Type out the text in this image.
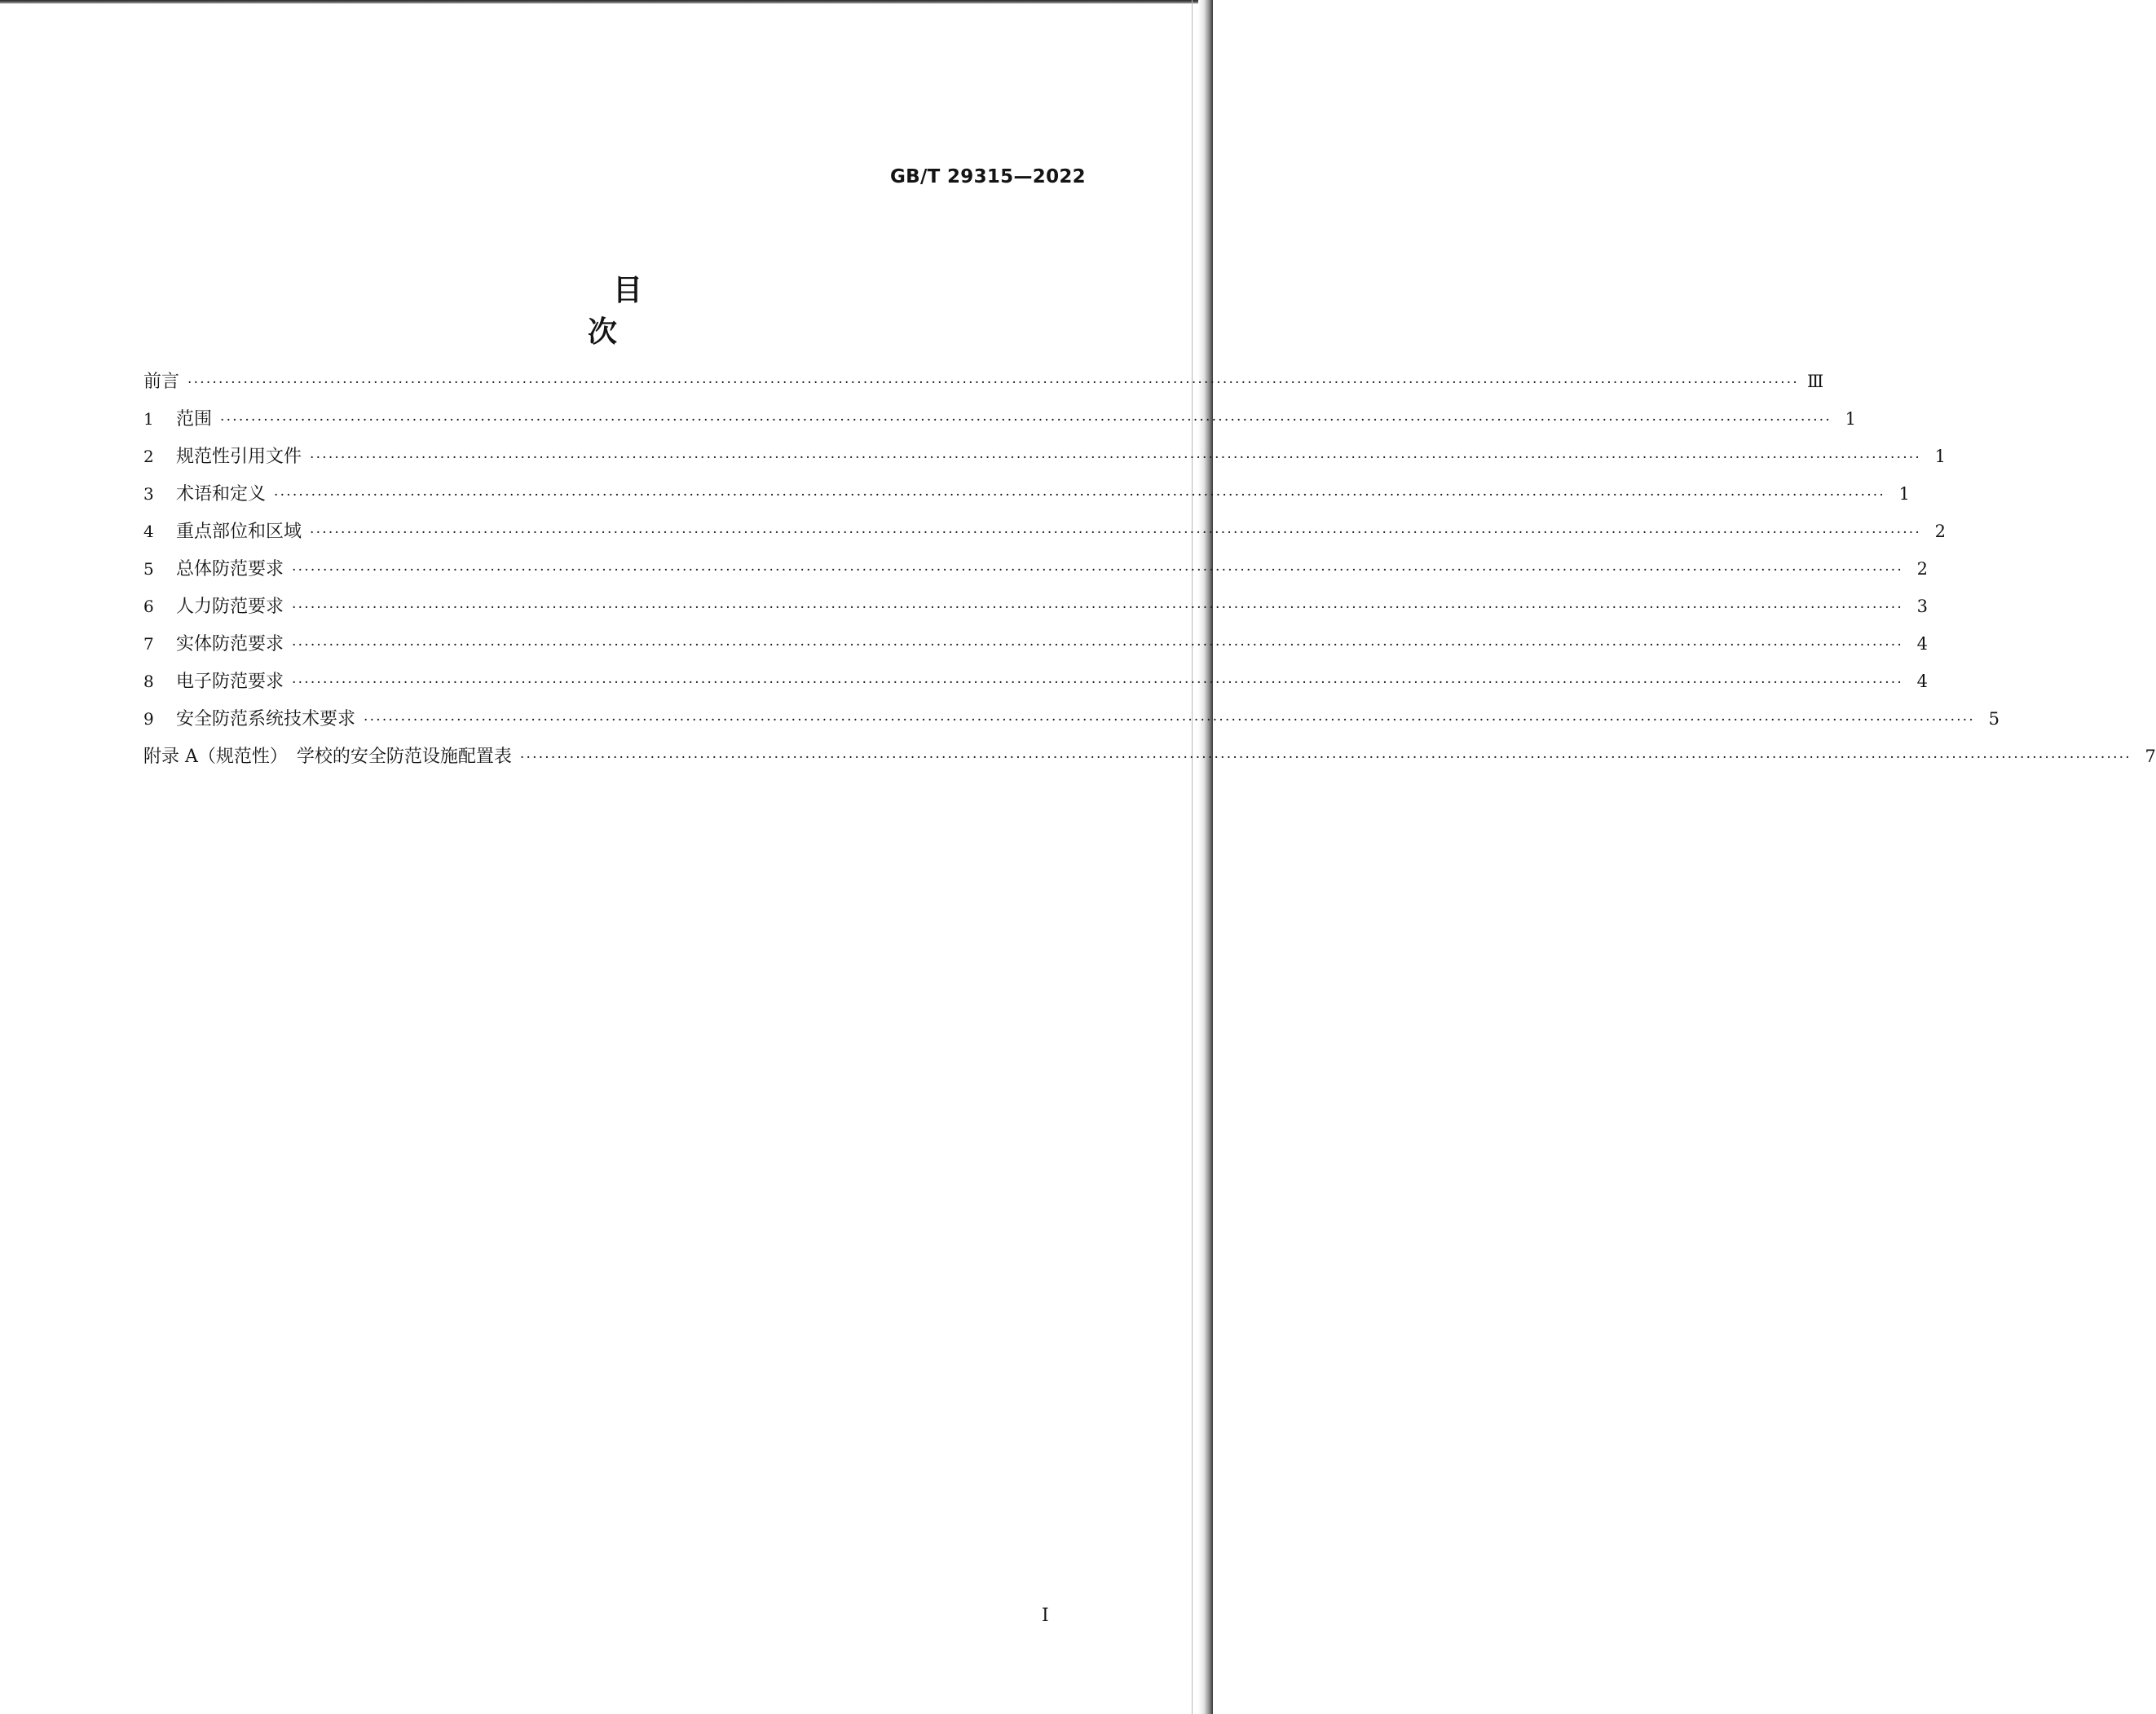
GB/T 29315—2022
目　次
前言 ···································································································································································································································································· Ⅲ
1	范围 ···································································································································································································································································· 1
2	规范性引用文件 ···································································································································································································································································· 1
3	术语和定义 ···································································································································································································································································· 1
4	重点部位和区域 ···································································································································································································································································· 2
5	总体防范要求 ···································································································································································································································································· 2
6	人力防范要求 ···································································································································································································································································· 3
7	实体防范要求 ···································································································································································································································································· 4
8	电子防范要求 ···································································································································································································································································· 4
9	安全防范系统技术要求 ···································································································································································································································································· 5
附录 A（规范性）　学校的安全防范设施配置表 ···································································································································································································································································· 7
Ⅰ
